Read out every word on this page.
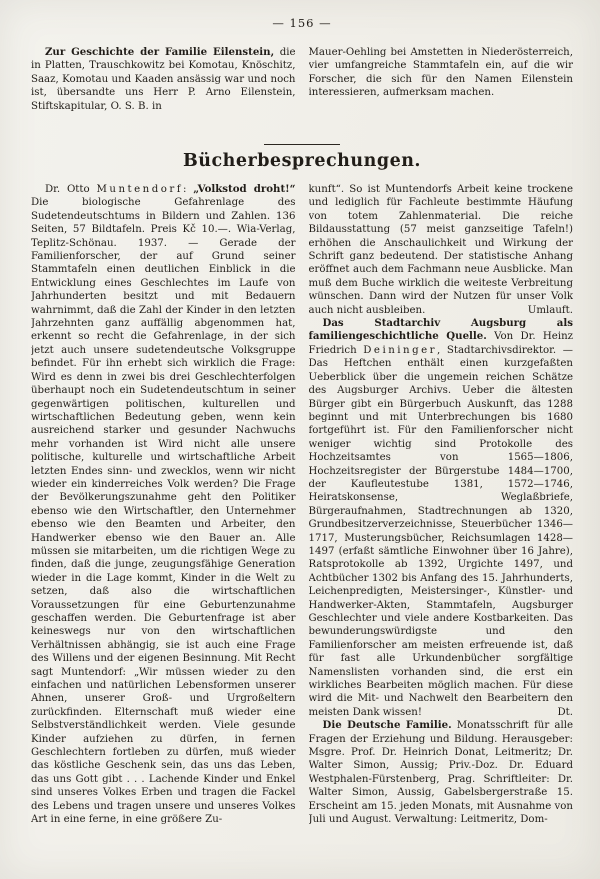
— 156 —

Zur Geschichte der Familie Eilenstein, die in Platten, Trauschkowitz bei Komotau, Knöschitz, Saaz, Komotau und Kaaden ansässig war und noch ist, übersandte uns Herr P. Arno Eilenstein, Stiftskapitular, O. S. B. in

Mauer-Oehling bei Amstetten in Niederösterreich, vier umfangreiche Stammtafeln ein, auf die wir Forscher, die sich für den Namen Eilenstein interessieren, aufmerksam machen.

Bücherbesprechungen.

Dr. Otto Muntendorf: „Volkstod droht!“ Die biologische Gefahrenlage des Sudetendeutschtums in Bildern und Zahlen. 136 Seiten, 57 Bildtafeln. Preis Kč 10.—. Wia-Verlag, Teplitz-Schönau. 1937. — Gerade der Familienforscher, der auf Grund seiner Stammtafeln einen deutlichen Einblick in die Entwicklung eines Geschlechtes im Laufe von Jahrhunderten besitzt und mit Bedauern wahrnimmt, daß die Zahl der Kinder in den letzten Jahrzehnten ganz auffällig abgenommen hat, erkennt so recht die Gefahrenlage, in der sich jetzt auch unsere sudetendeutsche Volksgruppe befindet. Für ihn erhebt sich wirklich die Frage: Wird es denn in zwei bis drei Geschlechterfolgen überhaupt noch ein Sudetendeutschtum in seiner gegenwärtigen politischen, kulturellen und wirtschaftlichen Bedeutung geben, wenn kein ausreichend starker und gesunder Nachwuchs mehr vorhanden ist Wird nicht alle unsere politische, kulturelle und wirtschaftliche Arbeit letzten Endes sinn- und zwecklos, wenn wir nicht wieder ein kinderreiches Volk werden? Die Frage der Bevölkerungszunahme geht den Politiker ebenso wie den Wirtschaftler, den Unternehmer ebenso wie den Beamten und Arbeiter, den Handwerker ebenso wie den Bauer an. Alle müssen sie mitarbeiten, um die richtigen Wege zu finden, daß die junge, zeugungsfähige Generation wieder in die Lage kommt, Kinder in die Welt zu setzen, daß also die wirtschaftlichen Voraussetzungen für eine Geburtenzunahme geschaffen werden. Die Geburtenfrage ist aber keineswegs nur von den wirtschaftlichen Verhältnissen abhängig, sie ist auch eine Frage des Willens und der eigenen Besinnung. Mit Recht sagt Muntendorf: „Wir müssen wieder zu den einfachen und natürlichen Lebensformen unserer Ahnen, unserer Groß- und Urgroßeltern zurückfinden. Elternschaft muß wieder eine Selbstverständlichkeit werden. Viele gesunde Kinder aufziehen zu dürfen, in fernen Geschlechtern fortleben zu dürfen, muß wieder das köstliche Geschenk sein, das uns das Leben, das uns Gott gibt . . . Lachende Kinder und Enkel sind unseres Volkes Erben und tragen die Fackel des Lebens und tragen unsere und unseres Volkes Art in eine ferne, in eine größere Zu-

kunft“. So ist Muntendorfs Arbeit keine trockene und lediglich für Fachleute bestimmte Häufung von totem Zahlenmaterial. Die reiche Bildausstattung (57 meist ganzseitige Tafeln!) erhöhen die Anschaulichkeit und Wirkung der Schrift ganz bedeutend. Der statistische Anhang eröffnet auch dem Fachmann neue Ausblicke. Man muß dem Buche wirklich die weiteste Verbreitung wünschen. Dann wird der Nutzen für unser Volk auch nicht ausbleiben.	Umlauft.

Das Stadtarchiv Augsburg als familiengeschichtliche Quelle. Von Dr. Heinz Friedrich Deininger, Stadtarchivsdirektor. — Das Heftchen enthält einen kurzgefaßten Ueberblick über die ungemein reichen Schätze des Augsburger Archivs. Ueber die ältesten Bürger gibt ein Bürgerbuch Auskunft, das 1288 beginnt und mit Unterbrechungen bis 1680 fortgeführt ist. Für den Familienforscher nicht weniger wichtig sind Protokolle des Hochzeitsamtes von 1565—1806, Hochzeitsregister der Bürgerstube 1484—1700, der Kaufleutestube 1381, 1572—1746, Heiratskonsense, Weglaßbriefe, Bürgeraufnahmen, Stadtrechnungen ab 1320, Grundbesitzerverzeichnisse, Steuerbücher 1346—1717, Musterungsbücher, Reichsumlagen 1428—1497 (erfaßt sämtliche Einwohner über 16 Jahre), Ratsprotokolle ab 1392, Urgichte 1497, und Achtbücher 1302 bis Anfang des 15. Jahrhunderts, Leichenpredigten, Meistersinger-, Künstler- und Handwerker-Akten, Stammtafeln, Augsburger Geschlechter und viele andere Kostbarkeiten. Das bewunderungswürdigste und den Familienforscher am meisten erfreuende ist, daß für fast alle Urkundenbücher sorgfältige Namenslisten vorhanden sind, die erst ein wirkliches Bearbeiten möglich machen. Für diese wird die Mit- und Nachwelt den Bearbeitern den meisten Dank wissen!	Dt.

Die Deutsche Familie. Monatsschrift für alle Fragen der Erziehung und Bildung. Herausgeber: Msgre. Prof. Dr. Heinrich Donat, Leitmeritz; Dr. Walter Simon, Aussig; Priv.-Doz. Dr. Eduard Westphalen-Fürstenberg, Prag. Schriftleiter: Dr. Walter Simon, Aussig, Gabelsbergerstraße 15. Erscheint am 15. jeden Monats, mit Ausnahme von Juli und August. Verwaltung: Leitmeritz, Dom-
